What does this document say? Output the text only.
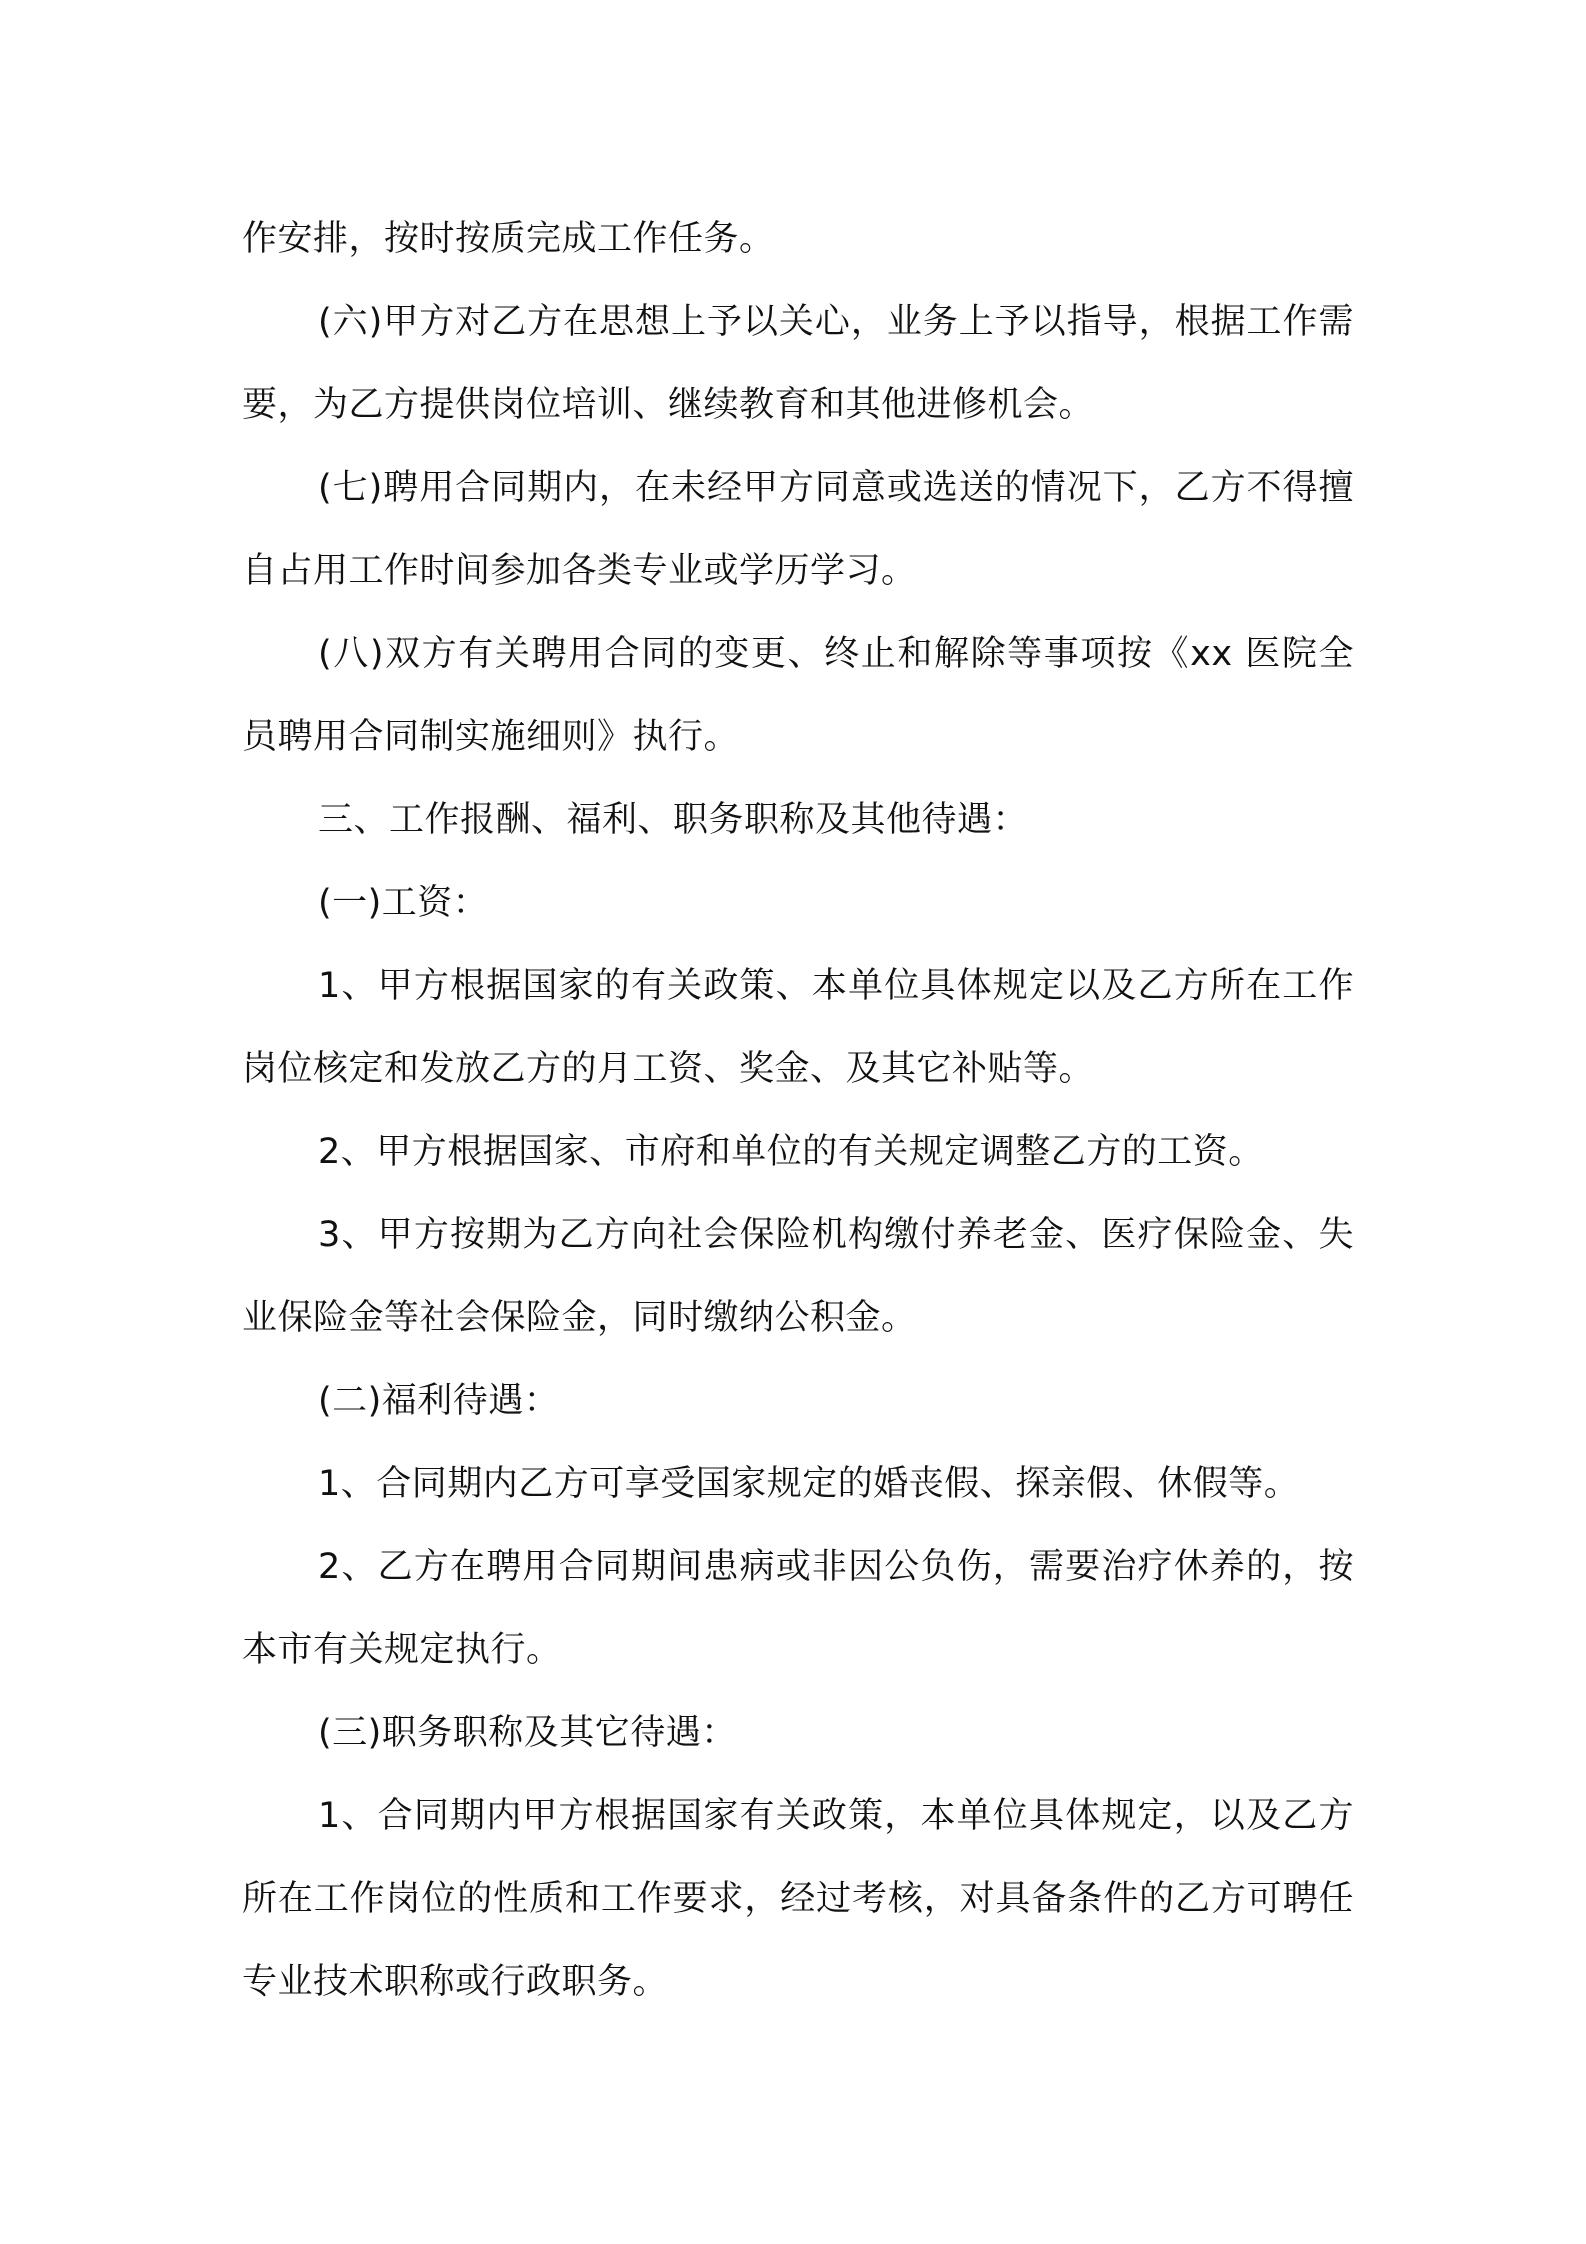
作安排，按时按质完成工作任务。

(六)甲方对乙方在思想上予以关心，业务上予以指导，根据工作需要，为乙方提供岗位培训、继续教育和其他进修机会。

(七)聘用合同期内，在未经甲方同意或选送的情况下，乙方不得擅自占用工作时间参加各类专业或学历学习。

(八)双方有关聘用合同的变更、终止和解除等事项按《xx 医院全员聘用合同制实施细则》执行。

三、工作报酬、福利、职务职称及其他待遇：

(一)工资：

1、甲方根据国家的有关政策、本单位具体规定以及乙方所在工作岗位核定和发放乙方的月工资、奖金、及其它补贴等。

2、甲方根据国家、市府和单位的有关规定调整乙方的工资。

3、甲方按期为乙方向社会保险机构缴付养老金、医疗保险金、失业保险金等社会保险金，同时缴纳公积金。

(二)福利待遇：

1、合同期内乙方可享受国家规定的婚丧假、探亲假、休假等。

2、乙方在聘用合同期间患病或非因公负伤，需要治疗休养的，按本市有关规定执行。

(三)职务职称及其它待遇：

1、合同期内甲方根据国家有关政策，本单位具体规定，以及乙方所在工作岗位的性质和工作要求，经过考核，对具备条件的乙方可聘任专业技术职称或行政职务。
